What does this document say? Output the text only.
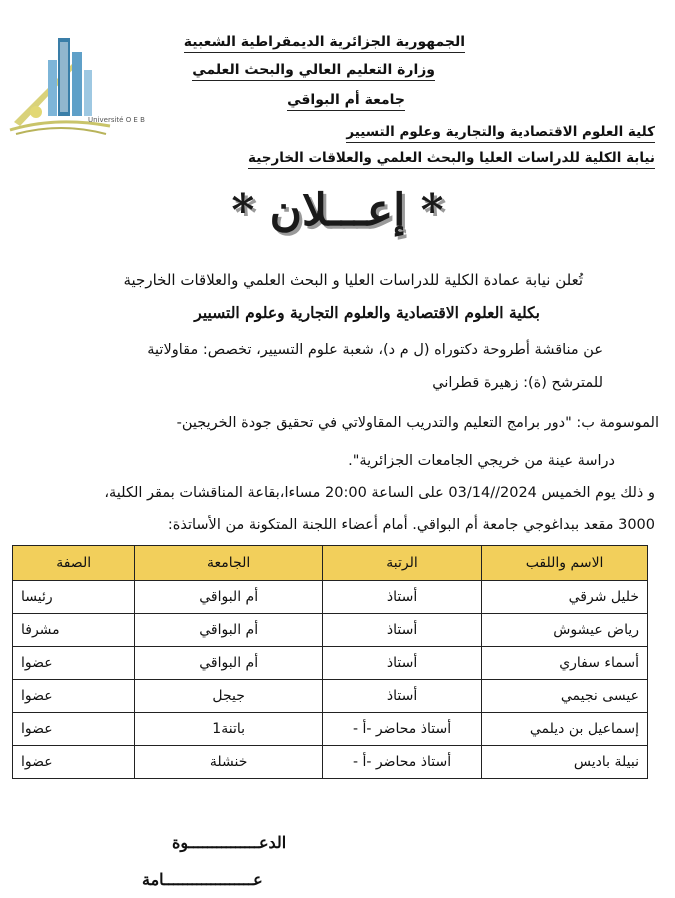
Université O E B
الجمهورية الجزائرية الديمقراطية الشعبية
وزارة التعليم العالي والبحث العلمي
جامعة أم البواقي
كلية العلوم الاقتصادية والتجارية وعلوم التسيير
نيابة الكلية للدراسات العليا والبحث العلمي والعلاقات الخارجية
* إعـــلان *
تُعلن نيابة عمادة الكلية للدراسات العليا و البحث العلمي والعلاقات الخارجية
بكلية العلوم الاقتصادية والعلوم التجارية وعلوم التسيير
عن مناقشة أطروحة دكتوراه (ل م د)، شعبة علوم التسيير، تخصص: مقاولاتية
للمترشح (ة): زهيرة قطراني
الموسومة ب: "دور برامج التعليم والتدريب المقاولاتي في تحقيق جودة الخريجين-
دراسة عينة من خريجي الجامعات الجزائرية".
و ذلك يوم الخميس 2024//03/14 على الساعة 20:00 مساءا،بقاعة المناقشات بمقر الكلية،
3000 مقعد ببداغوجي جامعة أم البواقي. أمام أعضاء اللجنة المتكونة من الأساتذة:
الاسم واللقب	الرتبة	الجامعة	الصفة
خليل شرقي	أستاذ	أم البواقي	رئيسا
رياض عيشوش	أستاذ	أم البواقي	مشرفا
أسماء سفاري	أستاذ	أم البواقي	عضوا
عيسى نجيمي	أستاذ	جيجل	عضوا
إسماعيل بن ديلمي	أستاذ محاضر -أ -	باتنة1	عضوا
نبيلة باديس	أستاذ محاضر -أ -	خنشلة	عضوا
الدعـــــــــــــــوة
عـــــــــــــــــــامة
